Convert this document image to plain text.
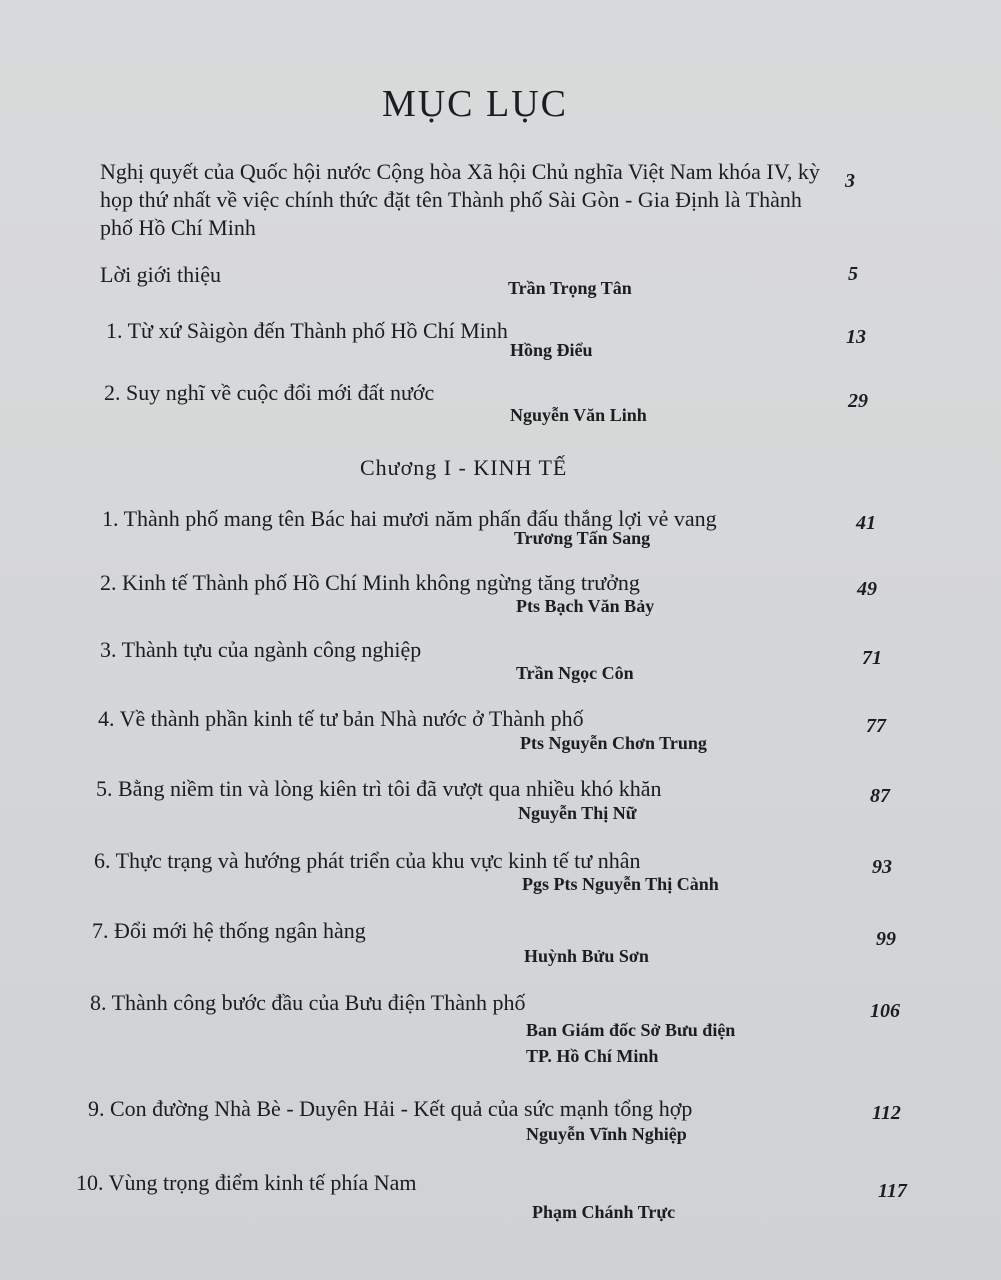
MỤC LỤC
Nghị quyết của Quốc hội nước Cộng hòa Xã hội Chủ nghĩa Việt Nam khóa IV, kỳ họp thứ nhất về việc chính thức đặt tên Thành phố Sài Gòn - Gia Định là Thành phố Hồ Chí Minh
3
Lời giới thiệu
Trần Trọng Tân
5
1. Từ xứ Sàigòn đến Thành phố Hồ Chí Minh
Hồng Điểu
13
2. Suy nghĩ về cuộc đổi mới đất nước
Nguyễn Văn Linh
29
Chương I - KINH TẾ
1. Thành phố mang tên Bác hai mươi năm phấn đấu thắng lợi vẻ vang
Trương Tấn Sang
41
2. Kinh tế Thành phố Hồ Chí Minh không ngừng tăng trưởng
Pts Bạch Văn Bảy
49
3. Thành tựu của ngành công nghiệp
Trần Ngọc Côn
71
4. Về thành phần kinh tế tư bản Nhà nước ở Thành phố
Pts Nguyễn Chơn Trung
77
5. Bằng niềm tin và lòng kiên trì tôi đã vượt qua nhiều khó khăn
Nguyễn Thị Nữ
87
6. Thực trạng và hướng phát triển của khu vực kinh tế tư nhân
Pgs Pts Nguyễn Thị Cành
93
7. Đổi mới hệ thống ngân hàng
Huỳnh Bửu Sơn
99
8. Thành công bước đầu của Bưu điện Thành phố
Ban Giám đốc Sở Bưu điện
TP. Hồ Chí Minh
106
9. Con đường Nhà Bè - Duyên Hải - Kết quả của sức mạnh tổng hợp
Nguyễn Vĩnh Nghiệp
112
10. Vùng trọng điểm kinh tế phía Nam
Phạm Chánh Trực
117
